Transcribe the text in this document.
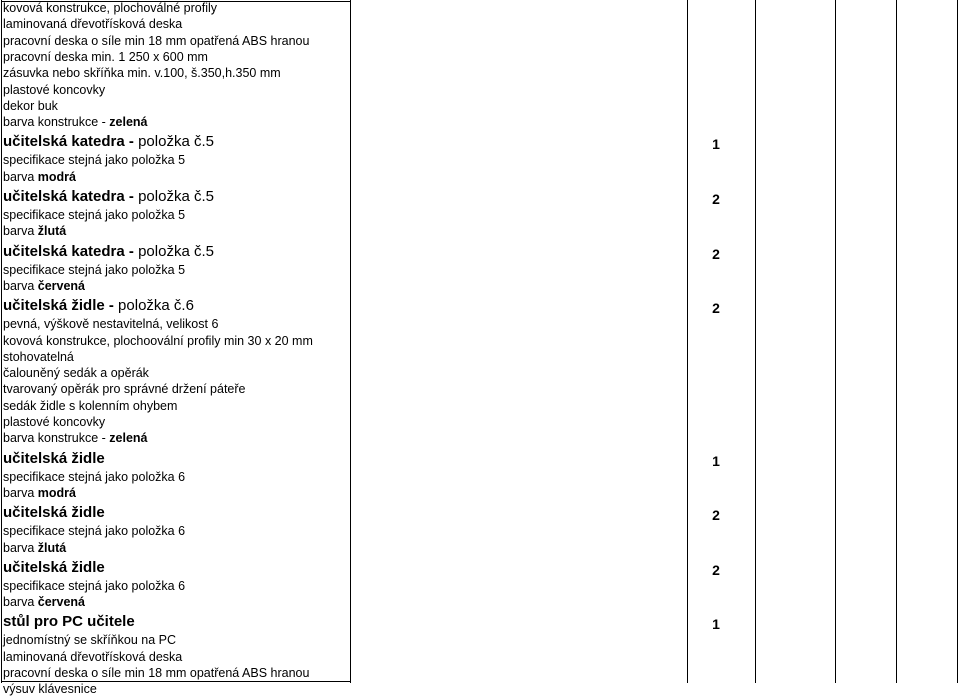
kovová konstrukce, plochoválné profily
laminovaná dřevotřísková deska
pracovní deska o síle min 18 mm opatřená ABS hranou
pracovní deska min. 1 250 x 600 mm
zásuvka nebo skříňka min. v.100, š.350,h.350 mm
plastové koncovky
dekor buk
barva konstrukce - zelená
učitelská katedra - položka č.5	1
specifikace stejná jako položka 5
barva modrá
učitelská katedra - položka č.5	2
specifikace stejná jako položka 5
barva žlutá
učitelská katedra - položka č.5	2
specifikace stejná jako položka 5
barva červená
učitelská židle - položka č.6	2
pevná, výškově nestavitelná, velikost 6
kovová konstrukce, plochoovální profily min 30 x 20 mm
stohovatelná
čalouněný sedák a opěrák
tvarovaný opěrák pro správné držení páteře
sedák židle s kolenním ohybem
plastové koncovky
barva konstrukce - zelená
učitelská židle	1
specifikace stejná jako položka 6
barva modrá
učitelská židle	2
specifikace stejná jako položka 6
barva žlutá
učitelská židle	2
specifikace stejná jako položka 6
barva červená
stůl pro PC učitele	1
jednomístný se skříňkou na PC
laminovaná dřevotřísková deska
pracovní deska o síle min 18 mm opatřená ABS hranou
výsuv klávesnice
